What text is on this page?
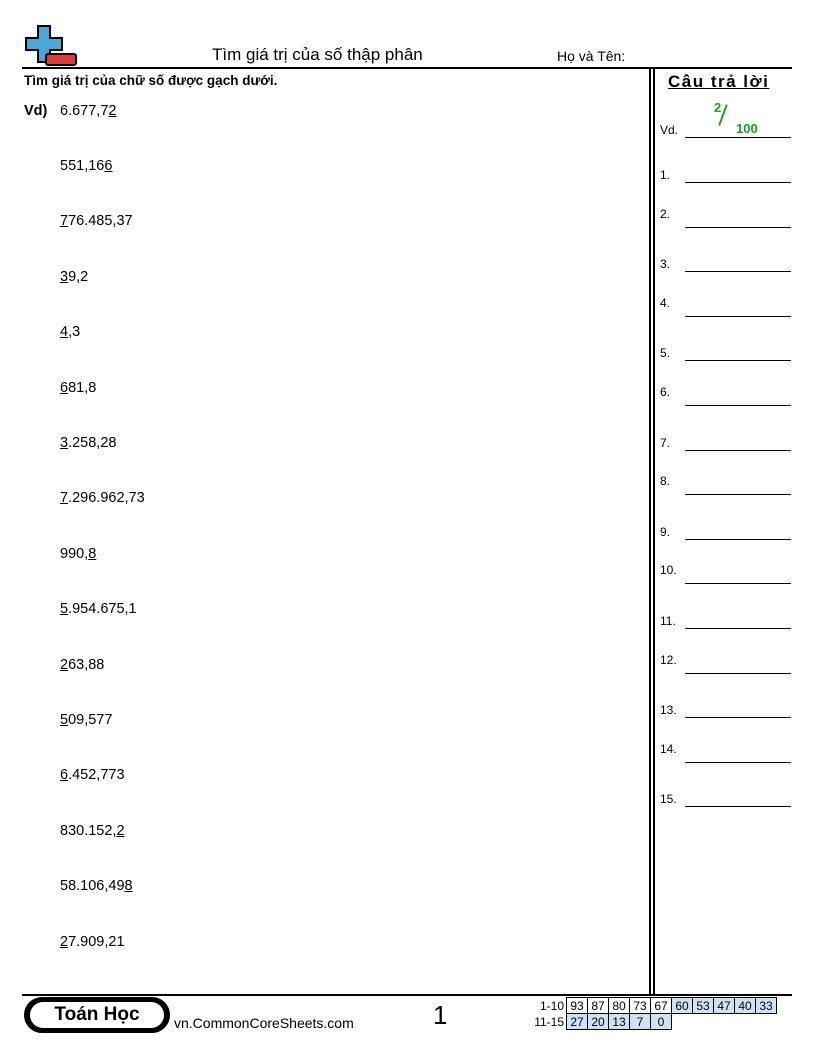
Tìm giá trị của số thập phân	Họ và Tên:
Tìm giá trị của chữ số được gạch dưới.
Vd) 6.677,72
551,166
776.485,37
39,2
4,3
681,8
3.258,28
7.296.962,73
990,8
5.954.675,1
263,88
509,577
6.452,773
830.152,2
58.106,498
27.909,21
Câu trả lời
Vd.
2
100
1.
2.
3.
4.
5.
6.
7.
8.
9.
10.
11.
12.
13.
14.
15.
Toán Học	vn.CommonCoreSheets.com	1	1-10	93	87	80	73	67	60	53	47	40	33
11-15	27	20	13	7	0					
